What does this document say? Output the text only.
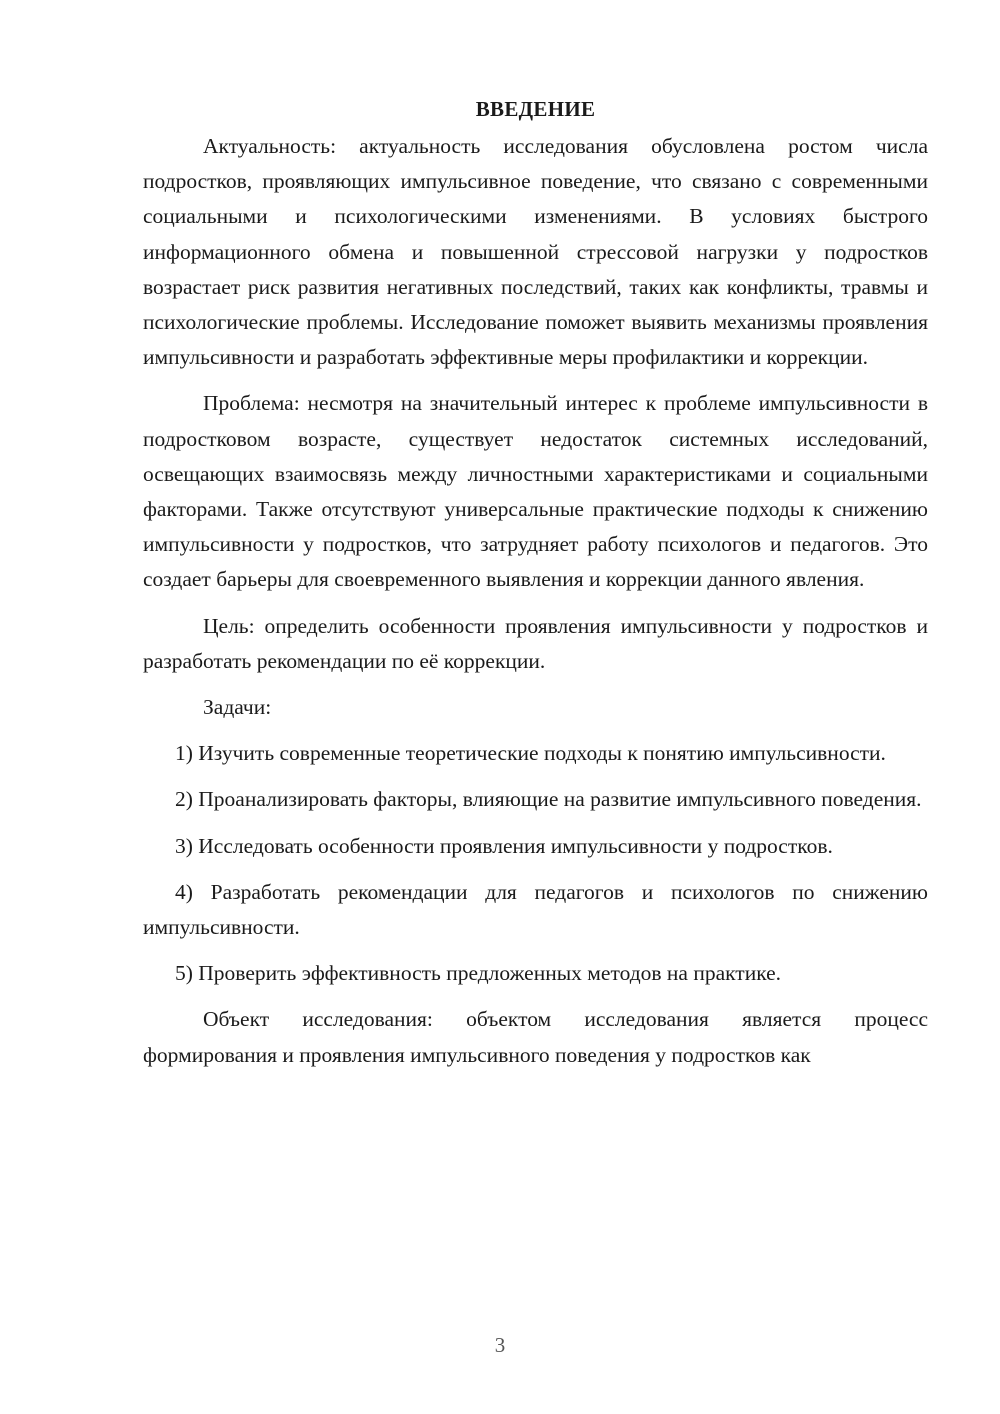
ВВЕДЕНИЕ

Актуальность: актуальность исследования обусловлена ростом числа подростков, проявляющих импульсивное поведение, что связано с современными социальными и психологическими изменениями. В условиях быстрого информационного обмена и повышенной стрессовой нагрузки у подростков возрастает риск развития негативных последствий, таких как конфликты, травмы и психологические проблемы. Исследование поможет выявить механизмы проявления импульсивности и разработать эффективные меры профилактики и коррекции.

Проблема: несмотря на значительный интерес к проблеме импульсивности в подростковом возрасте, существует недостаток системных исследований, освещающих взаимосвязь между личностными характеристиками и социальными факторами. Также отсутствуют универсальные практические подходы к снижению импульсивности у подростков, что затрудняет работу психологов и педагогов. Это создает барьеры для своевременного выявления и коррекции данного явления.

Цель: определить особенности проявления импульсивности у подростков и разработать рекомендации по её коррекции.

Задачи:

1) Изучить современные теоретические подходы к понятию импульсивности.

2) Проанализировать факторы, влияющие на развитие импульсивного поведения.

3) Исследовать особенности проявления импульсивности у подростков.

4) Разработать рекомендации для педагогов и психологов по снижению импульсивности.

5) Проверить эффективность предложенных методов на практике.

Объект исследования: объектом исследования является процесс формирования и проявления импульсивного поведения у подростков как

3
